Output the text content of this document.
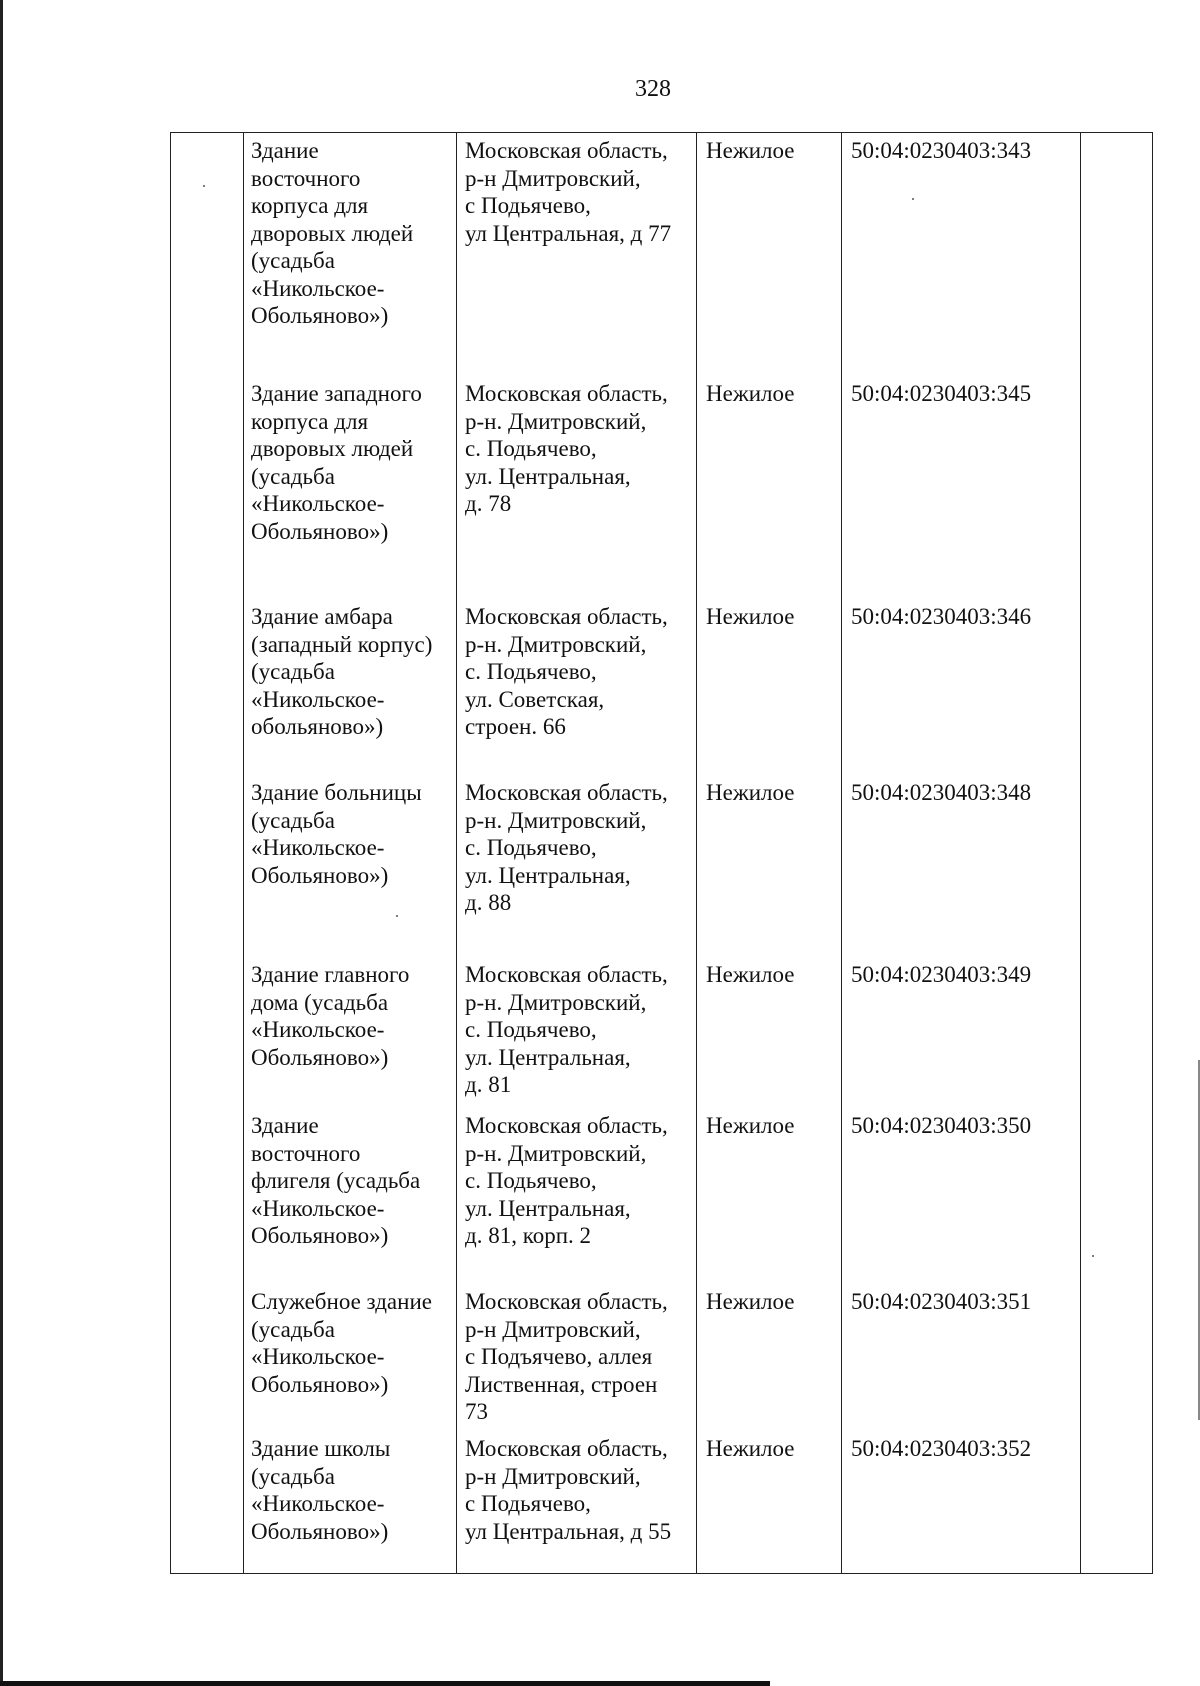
328
Здание
восточного
корпуса для
дворовых людей
(усадьба
«Никольское-
Обольяново»)
Московская область,
р-н Дмитровский,
с Подьячево,
ул Центральная, д 77
Нежилое	50:04:0230403:343
Здание западного
корпуса для
дворовых людей
(усадьба
«Никольское-
Обольяново»)
Московская область,
р-н. Дмитровский,
с. Подьячево,
ул. Центральная,
д. 78
Нежилое	50:04:0230403:345
Здание амбара
(западный корпус)
(усадьба
«Никольское-
обольяново»)
Московская область,
р-н. Дмитровский,
с. Подьячево,
ул. Советская,
строен. 66
Нежилое	50:04:0230403:346
Здание больницы
(усадьба
«Никольское-
Обольяново»)
Московская область,
р-н. Дмитровский,
с. Подьячево,
ул. Центральная,
д. 88
Нежилое	50:04:0230403:348
Здание главного
дома (усадьба
«Никольское-
Обольяново»)
Московская область,
р-н. Дмитровский,
с. Подьячево,
ул. Центральная,
д. 81
Нежилое	50:04:0230403:349
Здание
восточного
флигеля (усадьба
«Никольское-
Обольяново»)
Московская область,
р-н. Дмитровский,
с. Подьячево,
ул. Центральная,
д. 81, корп. 2
Нежилое	50:04:0230403:350
Служебное здание
(усадьба
«Никольское-
Обольяново»)
Московская область,
р-н Дмитровский,
с Подъячево, аллея
Лиственная, строен
73
Нежилое	50:04:0230403:351
Здание школы
(усадьба
«Никольское-
Обольяново»)
Московская область,
р-н Дмитровский,
с Подьячево,
ул Центральная, д 55
Нежилое	50:04:0230403:352
